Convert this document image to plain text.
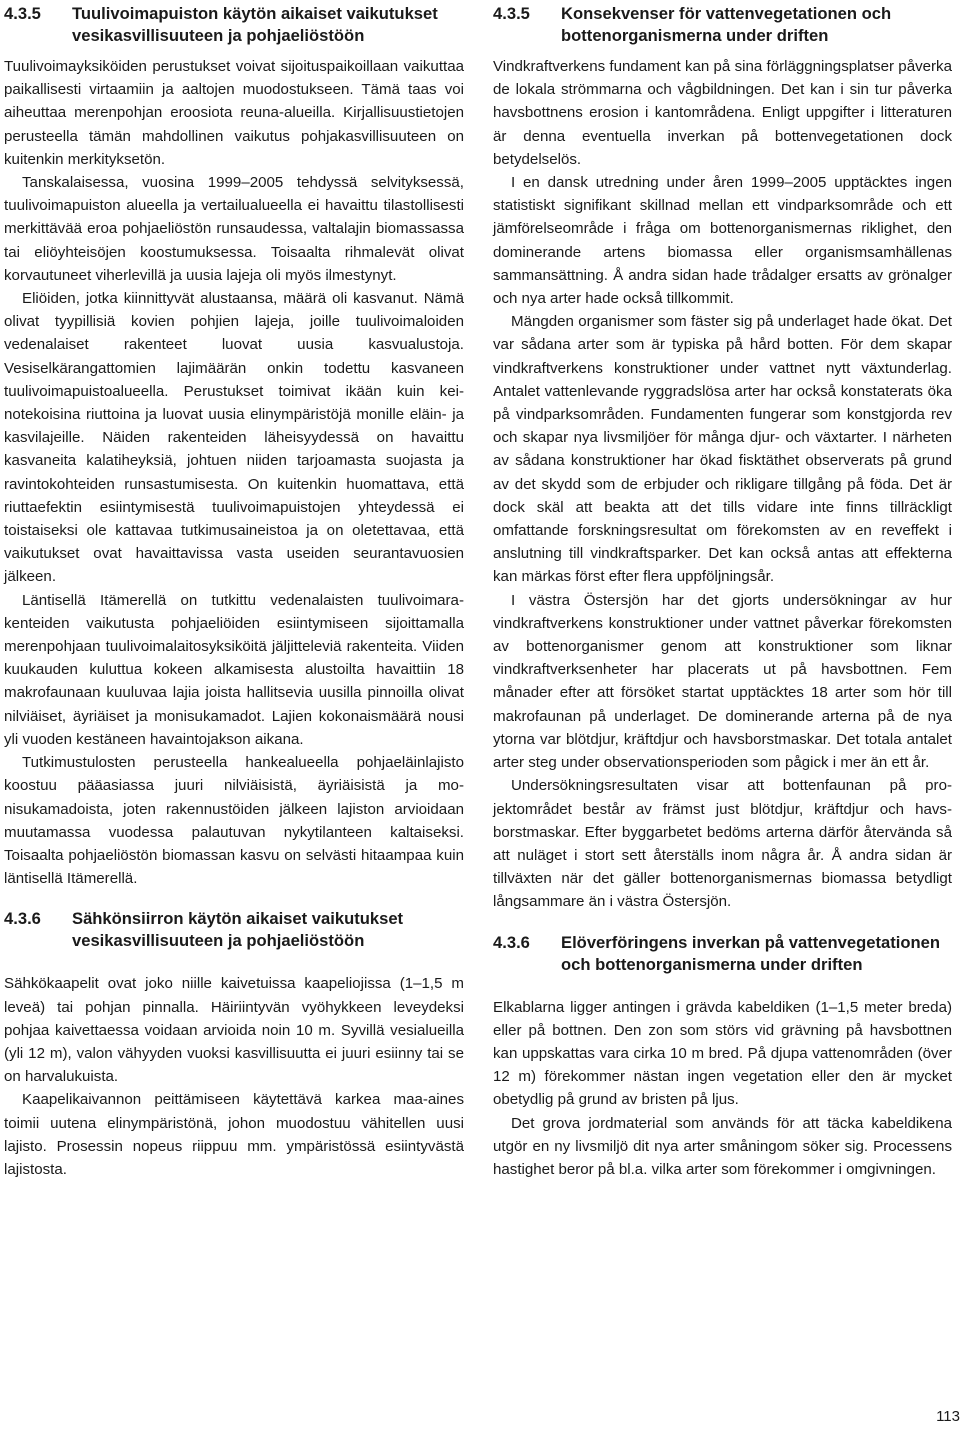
4.3.5	Tuulivoimapuiston käytön aikaiset vaikutukset vesikasvillisuuteen ja pohjaeliöstöön

Tuulivoimayksiköiden perustukset voivat sijoituspaikoillaan vaikuttaa paikallisesti virtaamiin ja aaltojen muodostukseen. Tämä taas voi aiheuttaa merenpohjan eroosiota reuna-alueilla. Kirjallisuustietojen perusteella tämän mahdollinen vaikutus pohjakasvillisuuteen on kuitenkin merkityksetön.

Tanskalaisessa, vuosina 1999–2005 tehdyssä selvityksessä, tuulivoimapuiston alueella ja vertailualueella ei havaittu tilastollisesti merkittävää eroa pohjaeliöstön runsaudessa, valtalajin biomassassa tai eliöyhteisöjen koostumuksessa. Toisaalta rihmalevät olivat korvautuneet viherlevillä ja uusia lajeja oli myös ilmestynyt.

Eliöiden, jotka kiinnittyvät alustaansa, määrä oli kasvanut. Nämä olivat tyypillisiä kovien pohjien lajeja, joille tuulivoimaloiden vedenalaiset rakenteet luovat uusia kasvualustoja. Vesiselkärangattomien lajimäärän onkin todettu kasvaneen tuulivoimapuistoalueella. Perustukset toimivat ikään kuin keinotekoisina riuttoina ja luovat uusia elinympäristöjä monille eläin- ja kasvilajeille. Näiden rakenteiden läheisyydessä on havaittu kasvaneita kalatiheyksiä, johtuen niiden tarjoamasta suojasta ja ravintokohteiden runsastumisesta. On kuitenkin huomattava, että riuttaefektin esiintymisestä tuulivoimapuistojen yhteydessä ei toistaiseksi ole kattavaa tutkimusaineistoa ja on oletettavaa, että vaikutukset ovat havaittavissa vasta useiden seurantavuosien jälkeen.

Läntisellä Itämerellä on tutkittu vedenalaisten tuulivoimarakenteiden vaikutusta pohjaeliöiden esiintymiseen sijoittamalla merenpohjaan tuulivoimalaitosyksiköitä jäljitteleviä rakenteita. Viiden kuukauden kuluttua kokeen alkamisesta alustoilta havaittiin 18 makrofaunaan kuuluvaa lajia joista hallitsevia uusilla pinnoilla olivat nilviäiset, äyriäiset ja monisukamadot. Lajien kokonaismäärä nousi yli vuoden kestäneen havaintojakson aikana.

Tutkimustulosten perusteella hankealueella pohjaeläinlajisto koostuu pääasiassa juuri nilviäisistä, äyriäisistä ja monisukamadoista, joten rakennustöiden jälkeen lajiston arvioidaan muutamassa vuodessa palautuvan nykytilanteen kaltaiseksi. Toisaalta pohjaeliöstön biomassan kasvu on selvästi hitaampaa kuin läntisellä Itämerellä.

4.3.6	Sähkönsiirron käytön aikaiset vaikutukset vesikasvillisuuteen ja pohjaeliöstöön

Sähkökaapelit ovat joko niille kaivetuissa kaapeliojissa (1–1,5 m leveä) tai pohjan pinnalla. Häiriintyvän vyöhykkeen leveydeksi pohjaa kaivettaessa voidaan arvioida noin 10 m. Syvillä vesialueilla (yli 12 m), valon vähyyden vuoksi kasvillisuutta ei juuri esiinny tai se on harvalukuista.

Kaapelikaivannon peittämiseen käytettävä karkea maa-aines toimii uutena elinympäristönä, johon muodostuu vähitellen uusi lajisto. Prosessin nopeus riippuu mm. ympäristössä esiintyvästä lajistosta.

4.3.5	Konsekvenser för vattenvegetationen och bottenorganismerna under driften

Vindkraftverkens fundament kan på sina förläggningsplatser påverka de lokala strömmarna och vågbildningen. Det kan i sin tur påverka havsbottnens erosion i kantområdena. Enligt uppgifter i litteraturen är denna eventuella inverkan på bottenvegetationen dock betydelselös.

I en dansk utredning under åren 1999–2005 upptäcktes ingen statistiskt signifikant skillnad mellan ett vindparksområde och ett jämförelseområde i fråga om bottenorganismernas riklighet, den dominerande artens biomassa eller organismsamhällenas sammansättning. Å andra sidan hade trådalger ersatts av grönalger och nya arter hade också tillkommit.

Mängden organismer som fäster sig på underlaget hade ökat. Det var sådana arter som är typiska på hård botten. För dem skapar vindkraftverkens konstruktioner under vattnet nytt växtunderlag. Antalet vattenlevande ryggradslösa arter har också konstaterats öka på vindparksområden. Fundamenten fungerar som konstgjorda rev och skapar nya livsmiljöer för många djur- och växtarter. I närheten av sådana konstruktioner har ökad fisktäthet observerats på grund av det skydd som de erbjuder och rikligare tillgång på föda. Det är dock skäl att beakta att det tills vidare inte finns tillräckligt omfattande forskningsresultat om förekomsten av en reveffekt i anslutning till vindkraftsparker. Det kan också antas att effekterna kan märkas först efter flera uppföljningsår.

I västra Östersjön har det gjorts undersökningar av hur vindkraftverkens konstruktioner under vattnet påverkar förekomsten av bottenorganismer genom att konstruktioner som liknar vindkraftverksenheter har placerats ut på havsbottnen. Fem månader efter att försöket startat upptäcktes 18 arter som hör till makrofaunan på underlaget. De dominerande arterna på de nya ytorna var blötdjur, kräftdjur och havsborstmaskar. Det totala antalet arter steg under observationsperioden som pågick i mer än ett år.

Undersökningsresultaten visar att bottenfaunan på projektområdet består av främst just blötdjur, kräftdjur och havsborstmaskar. Efter byggarbetet bedöms arterna därför återvända så att nuläget i stort sett återställs inom några år. Å andra sidan är tillväxten när det gäller bottenorganismernas biomassa betydligt långsammare än i västra Östersjön.

4.3.6	Elöverföringens inverkan på vattenvegetationen och bottenorganismerna under driften

Elkablarna ligger antingen i grävda kabeldiken (1–1,5 meter breda) eller på bottnen. Den zon som störs vid grävning på havsbottnen kan uppskattas vara cirka 10 m bred. På djupa vattenområden (över 12 m) förekommer nästan ingen vegetation eller den är mycket obetydlig på grund av bristen på ljus.

Det grova jordmaterial som används för att täcka kabeldikena utgör en ny livsmiljö dit nya arter småningom söker sig. Processens hastighet beror på bl.a. vilka arter som förekommer i omgivningen.

113
